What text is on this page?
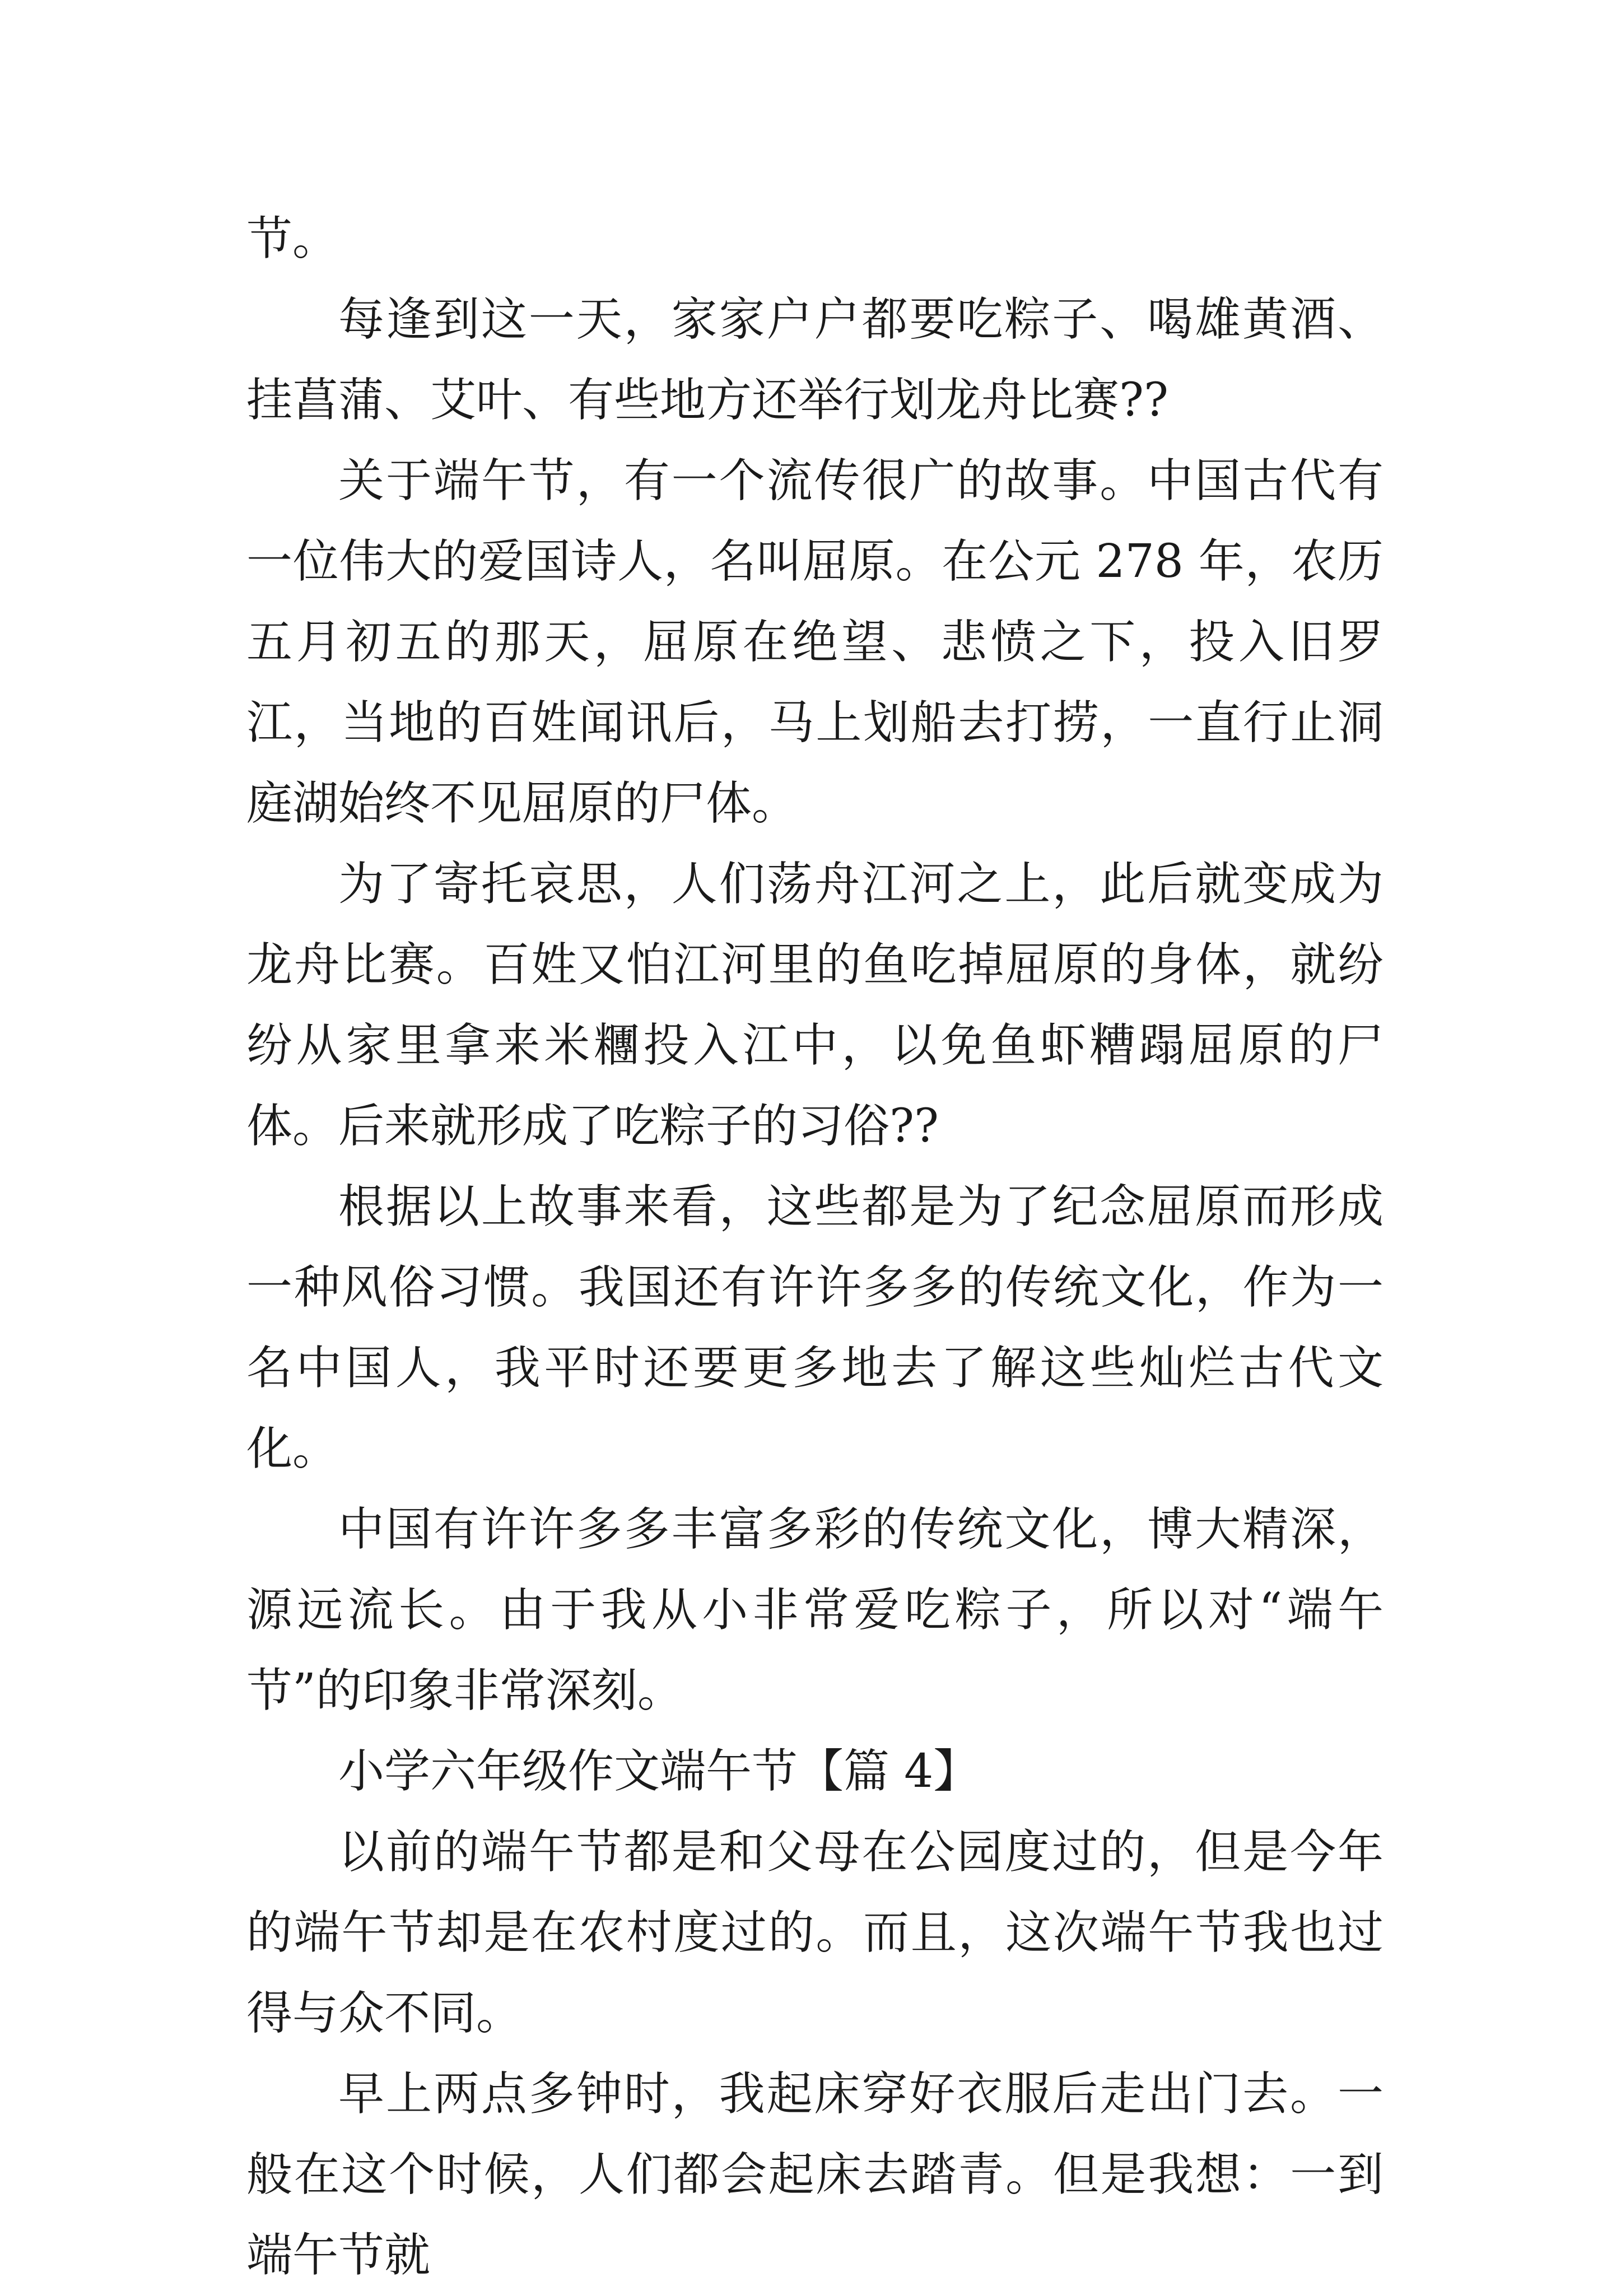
节。

每逢到这一天，家家户户都要吃粽子、喝雄黄酒、挂菖蒲、艾叶、有些地方还举行划龙舟比赛??

关于端午节，有一个流传很广的故事。中国古代有一位伟大的爱国诗人，名叫屈原。在公元 278 年，农历五月初五的那天，屈原在绝望、悲愤之下，投入旧罗江，当地的百姓闻讯后，马上划船去打捞，一直行止洞庭湖始终不见屈原的尸体。

为了寄托哀思，人们荡舟江河之上，此后就变成为龙舟比赛。百姓又怕江河里的鱼吃掉屈原的身体，就纷纷从家里拿来米糰投入江中，以免鱼虾糟蹋屈原的尸体。后来就形成了吃粽子的习俗??

根据以上故事来看，这些都是为了纪念屈原而形成一种风俗习惯。我国还有许许多多的传统文化，作为一名中国人，我平时还要更多地去了解这些灿烂古代文化。

中国有许许多多丰富多彩的传统文化，博大精深，源远流长。由于我从小非常爱吃粽子，所以对“端午节”的印象非常深刻。

小学六年级作文端午节【篇 4】

以前的端午节都是和父母在公园度过的，但是今年的端午节却是在农村度过的。而且，这次端午节我也过得与众不同。

早上两点多钟时，我起床穿好衣服后走出门去。一般在这个时候，人们都会起床去踏青。但是我想：一到端午节就
